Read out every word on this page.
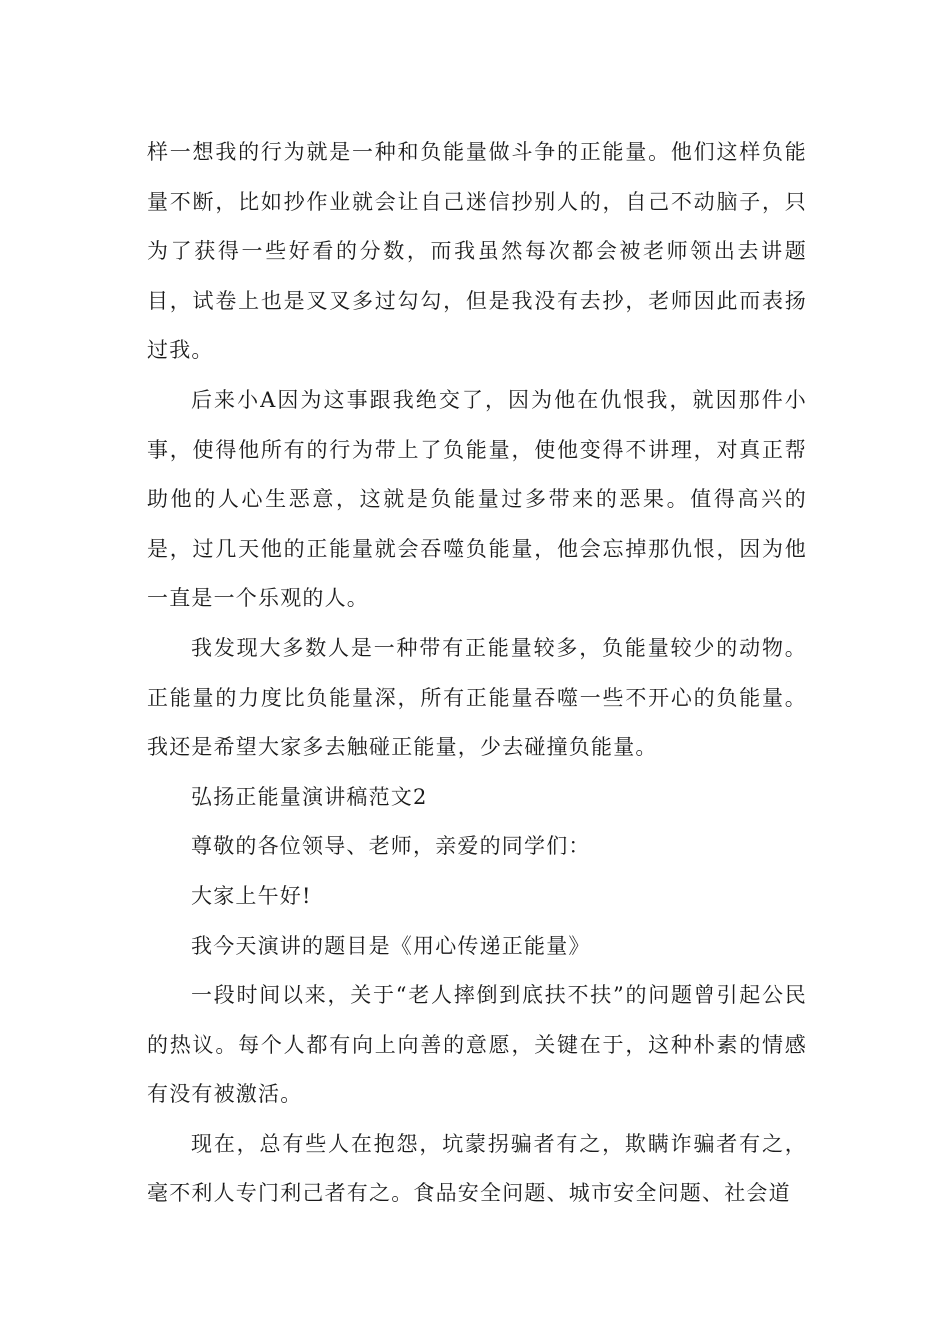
样一想我的行为就是一种和负能量做斗争的正能量。他们这样负能量不断，比如抄作业就会让自己迷信抄别人的，自己不动脑子，只为了获得一些好看的分数，而我虽然每次都会被老师领出去讲题目，试卷上也是叉叉多过勾勾，但是我没有去抄，老师因此而表扬过我。

后来小A因为这事跟我绝交了，因为他在仇恨我，就因那件小事，使得他所有的行为带上了负能量，使他变得不讲理，对真正帮助他的人心生恶意，这就是负能量过多带来的恶果。值得高兴的是，过几天他的正能量就会吞噬负能量，他会忘掉那仇恨，因为他一直是一个乐观的人。

我发现大多数人是一种带有正能量较多，负能量较少的动物。正能量的力度比负能量深，所有正能量吞噬一些不开心的负能量。我还是希望大家多去触碰正能量，少去碰撞负能量。

弘扬正能量演讲稿范文2

尊敬的各位领导、老师，亲爱的同学们：

大家上午好!

我今天演讲的题目是《用心传递正能量》

一段时间以来，关于“老人摔倒到底扶不扶”的问题曾引起公民的热议。每个人都有向上向善的意愿，关键在于，这种朴素的情感有没有被激活。

现在，总有些人在抱怨，坑蒙拐骗者有之，欺瞒诈骗者有之，毫不利人专门利己者有之。食品安全问题、城市安全问题、社会道
